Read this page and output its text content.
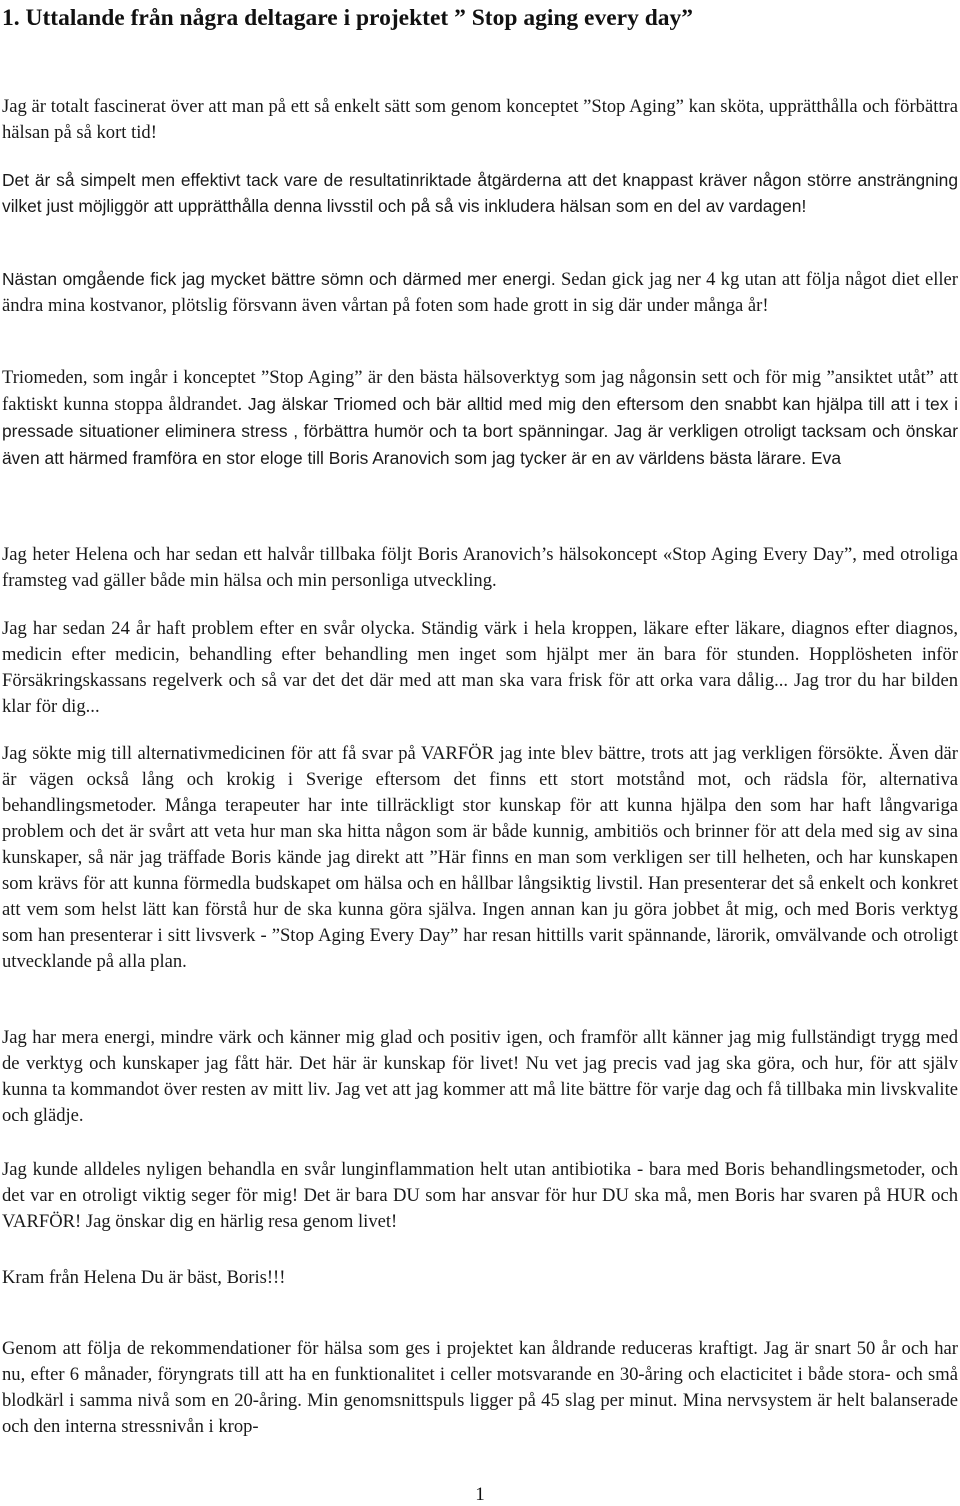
1. Uttalande från några deltagare i projektet ” Stop aging every day”

Jag är totalt fascinerat över att man på ett så enkelt sätt som genom konceptet ”Stop Aging” kan sköta, upprätthålla och förbättra hälsan på så kort tid!

Det är så simpelt men effektivt tack vare de resultatinriktade åtgärderna att det knappast kräver någon större ansträngning vilket just möjliggör att upprätthålla denna livsstil och på så vis inkludera hälsan som en del av vardagen!

Nästan omgående fick jag mycket bättre sömn och därmed mer energi. Sedan gick jag ner 4 kg utan att följa något diet eller ändra mina kostvanor, plötslig försvann även vårtan på foten som hade grott in sig där under många år!

Triomeden, som ingår i konceptet ”Stop Aging” är den bästa hälsoverktyg som jag någonsin sett och för mig ”ansiktet utåt” att faktiskt kunna stoppa åldrandet. Jag älskar Triomed och bär alltid med mig den eftersom den snabbt kan hjälpa till att i tex i pressade situationer eliminera stress , förbättra humör och ta bort spänningar. Jag är verkligen otroligt tacksam och önskar även att härmed framföra en stor eloge till Boris Aranovich som jag tycker är en av världens bästa lärare. Eva

Jag heter Helena och har sedan ett halvår tillbaka följt Boris Aranovich’s hälsokoncept «Stop Aging Every Day”, med otroliga framsteg vad gäller både min hälsa och min personliga utveckling.

Jag har sedan 24 år haft problem efter en svår olycka. Ständig värk i hela kroppen, läkare efter läkare, diagnos efter diagnos, medicin efter medicin, behandling efter behandling men inget som hjälpt mer än bara för stunden. Hopplösheten inför Försäkringskassans regelverk och så var det det där med att man ska vara frisk för att orka vara dålig... Jag tror du har bilden klar för dig...

Jag sökte mig till alternativmedicinen för att få svar på VARFÖR jag inte blev bättre, trots att jag verkligen försökte. Även där är vägen också lång och krokig i Sverige eftersom det finns ett stort motstånd mot, och rädsla för, alternativa behandlingsmetoder. Många terapeuter har inte tillräckligt stor kunskap för att kunna hjälpa den som har haft långvariga problem och det är svårt att veta hur man ska hitta någon som är både kunnig, ambitiös och brinner för att dela med sig av sina kunskaper, så när jag träffade Boris kände jag direkt att ”Här finns en man som verkligen ser till helheten, och har kunskapen som krävs för att kunna förmedla budskapet om hälsa och en hållbar långsiktig livstil. Han presenterar det så enkelt och konkret att vem som helst lätt kan förstå hur de ska kunna göra själva. Ingen annan kan ju göra jobbet åt mig, och med Boris verktyg som han presenterar i sitt livsverk - ”Stop Aging Every Day” har resan hittills varit spännande, lärorik, omvälvande och otroligt utvecklande på alla plan.

Jag har mera energi, mindre värk och känner mig glad och positiv igen, och framför allt känner jag mig fullständigt trygg med de verktyg och kunskaper jag fått här. Det här är kunskap för livet! Nu vet jag precis vad jag ska göra, och hur, för att själv kunna ta kommandot över resten av mitt liv. Jag vet att jag kommer att må lite bättre för varje dag och få tillbaka min livskvalite och glädje.

Jag kunde alldeles nyligen behandla en svår lunginflammation helt utan antibiotika - bara med Boris behandlingsmetoder, och det var en otroligt viktig seger för mig! Det är bara DU som har ansvar för hur DU ska må, men Boris har svaren på HUR och VARFÖR! Jag önskar dig en härlig resa genom livet!

Kram från Helena Du är bäst, Boris!!!

Genom att följa de rekommendationer för hälsa som ges i projektet kan åldrande reduceras kraftigt. Jag är snart 50 år och har nu, efter 6 månader, föryngrats till att ha en funktionalitet i celler motsvarande en 30-åring och elacticitet i både stora- och små blodkärl i samma nivå som en 20-åring. Min genomsnittspuls ligger på 45 slag per minut. Mina nervsystem är helt balanserade och den interna stressnivån i krop-

1
